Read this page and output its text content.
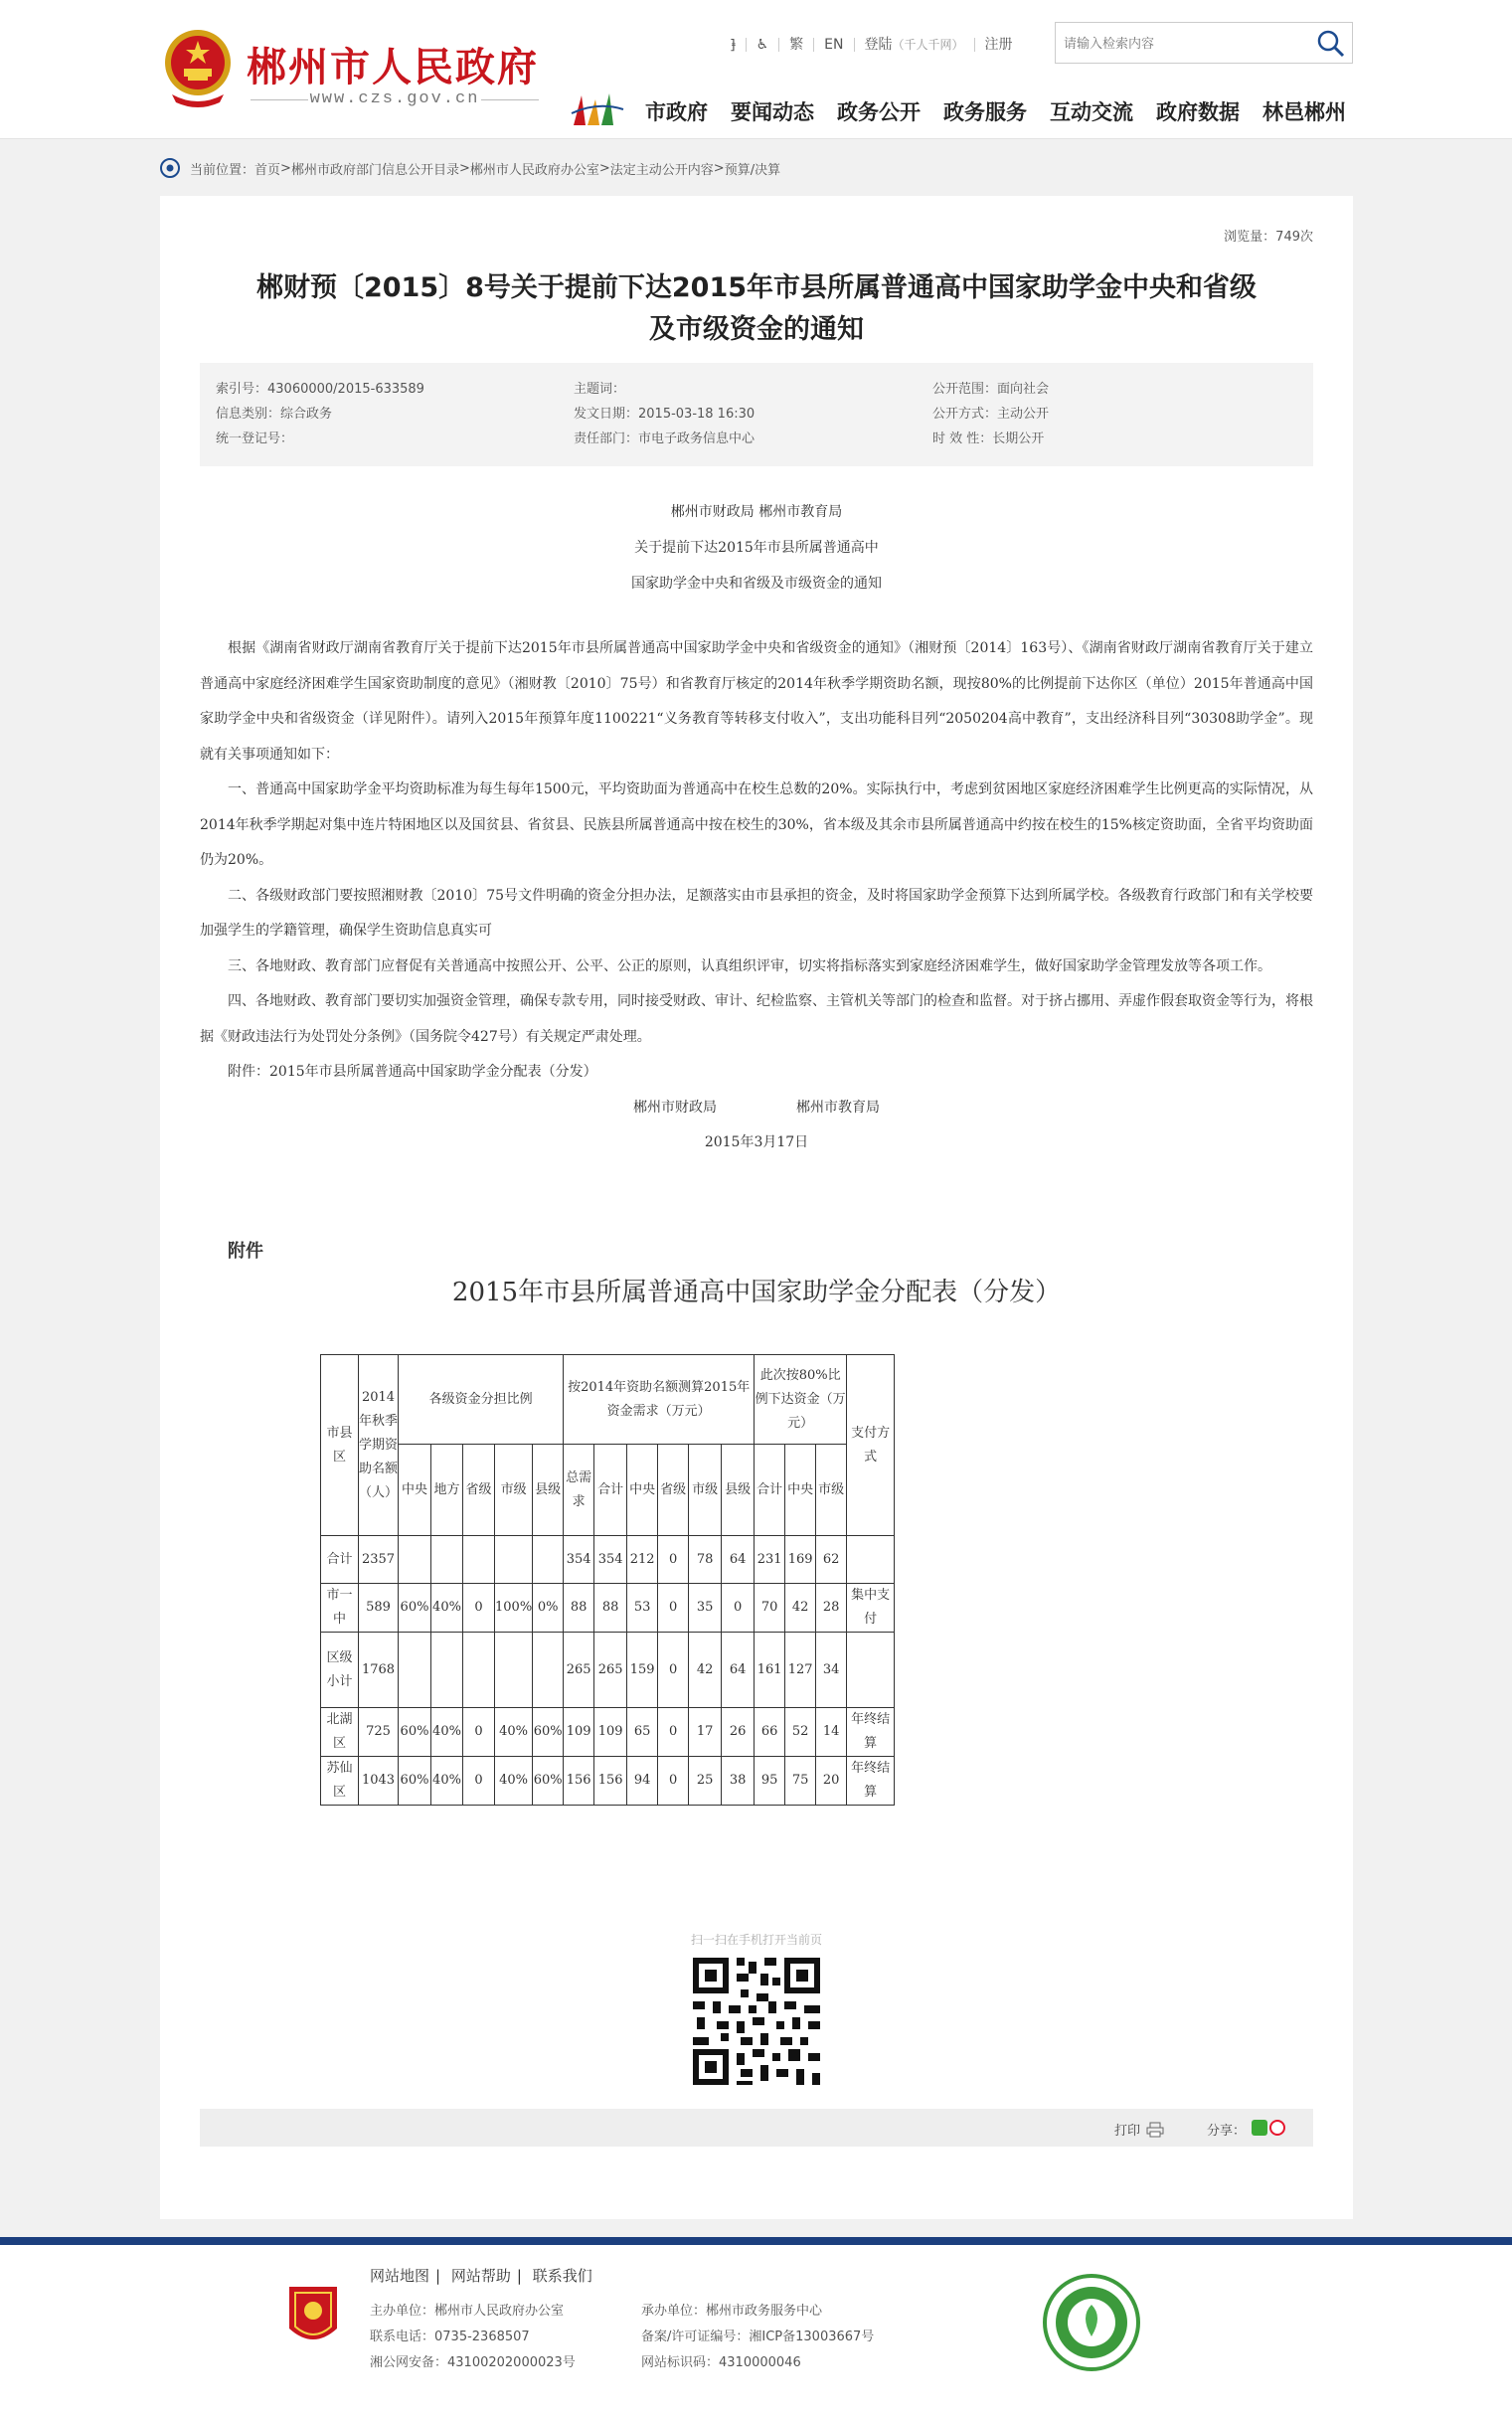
郴州市人民政府
www.czs.gov.cn
⹘	♿	繁	EN	登陆（千人千网）	注册
请输入检索内容
市政府 要闻动态 政务公开 政务服务 互动交流 政府数据 林邑郴州
当前位置： 首页 > 郴州市政府部门信息公开目录 > 郴州市人民政府办公室 > 法定主动公开内容 > 预算/决算
浏览量：749次
郴财预〔2015〕8号关于提前下达2015年市县所属普通高中国家助学金中央和省级
及市级资金的通知
索引号：43060000/2015-633589
信息类别：综合政务
统一登记号：
主题词：
发文日期：2015-03-18 16:30
责任部门：市电子政务信息中心
公开范围：面向社会
公开方式：主动公开
时 效 性：长期公开
郴州市财政局 郴州市教育局
关于提前下达2015年市县所属普通高中
国家助学金中央和省级及市级资金的通知

根据《湖南省财政厅湖南省教育厅关于提前下达2015年市县所属普通高中国家助学金中央和省级资金的通知》（湘财预〔2014〕163号）、《湖南省财政厅湖南省教育厅关于建立普通高中家庭经济困难学生国家资助制度的意见》（湘财教〔2010〕75号）和省教育厅核定的2014年秋季学期资助名额，现按80%的比例提前下达你区（单位）2015年普通高中国家助学金中央和省级资金（详见附件）。请列入2015年预算年度1100221“义务教育等转移支付收入”，支出功能科目列“2050204高中教育”，支出经济科目列“30308助学金”。现就有关事项通知如下：

一、普通高中国家助学金平均资助标准为每生每年1500元，平均资助面为普通高中在校生总数的20%。实际执行中，考虑到贫困地区家庭经济困难学生比例更高的实际情况，从2014年秋季学期起对集中连片特困地区以及国贫县、省贫县、民族县所属普通高中按在校生的30%，省本级及其余市县所属普通高中约按在校生的15%核定资助面，全省平均资助面仍为20%。

二、各级财政部门要按照湘财教〔2010〕75号文件明确的资金分担办法，足额落实由市县承担的资金，及时将国家助学金预算下达到所属学校。各级教育行政部门和有关学校要加强学生的学籍管理，确保学生资助信息真实可

三、各地财政、教育部门应督促有关普通高中按照公开、公平、公正的原则，认真组织评审，切实将指标落实到家庭经济困难学生，做好国家助学金管理发放等各项工作。

四、各地财政、教育部门要切实加强资金管理，确保专款专用，同时接受财政、审计、纪检监察、主管机关等部门的检查和监督。对于挤占挪用、弄虚作假套取资金等行为，将根据《财政违法行为处罚处分条例》（国务院令427号）有关规定严肃处理。

附件：2015年市县所属普通高中国家助学金分配表（分发）

郴州市财政局	郴州市教育局

2015年3月17日

附件
2015年市县所属普通高中国家助学金分配表（分发）
市县区	2014年秋季学期资助名额（人）	各级资金分担比例					按2014年资助名额测算2015年资金需求（万元）						此次按80%比例下达资金（万元）			支付方式
		中央	地方	省级	市级	县级	总需求	合计	中央	省级	市级	县级	合计	中央	市级	
合计	2357						354	354	212	0	78	64	231	169	62	
市一中	589	60%	40%	0	100%	0%	88	88	53	0	35	0	70	42	28	集中支付
区级小计	1768						265	265	159	0	42	64	161	127	34	
北湖区	725	60%	40%	0	40%	60%	109	109	65	0	17	26	66	52	14	年终结算
苏仙区	1043	60%	40%	0	40%	60%	156	156	94	0	25	38	95	75	20	年终结算
扫一扫在手机打开当前页
打印	分享：
网站地图 | 网站帮助 | 联系我们
主办单位：郴州市人民政府办公室
联系电话：0735-2368507
湘公网安备：43100202000023号
承办单位：郴州市政务服务中心
备案/许可证编号：湘ICP备13003667号
网站标识码：4310000046
